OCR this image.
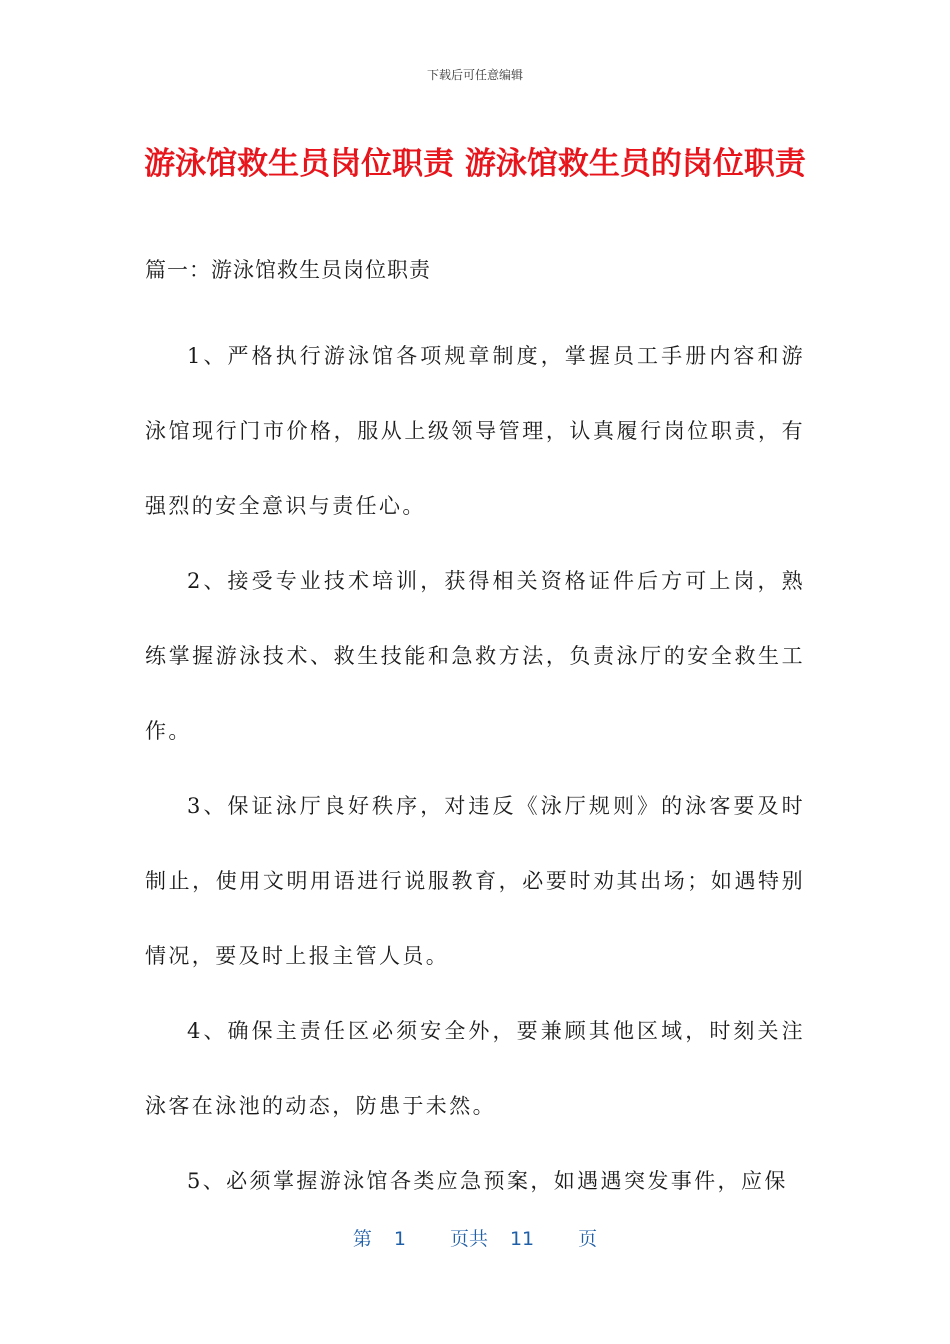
下载后可任意编辑
游泳馆救生员岗位职责 游泳馆救生员的岗位职责

篇一：游泳馆救生员岗位职责

1、严格执行游泳馆各项规章制度，掌握员工手册内容和游泳馆现行门市价格，服从上级领导管理，认真履行岗位职责，有强烈的安全意识与责任心。

2、接受专业技术培训，获得相关资格证件后方可上岗，熟练掌握游泳技术、救生技能和急救方法，负责泳厅的安全救生工作。

3、保证泳厅良好秩序，对违反《泳厅规则》的泳客要及时制止，使用文明用语进行说服教育，必要时劝其出场；如遇特别情况，要及时上报主管人员。

4、确保主责任区必须安全外，要兼顾其他区域，时刻关注泳客在泳池的动态，防患于未然。

5、必须掌握游泳馆各类应急预案，如遇遇突发事件，应保

第 1 页共 11 页
